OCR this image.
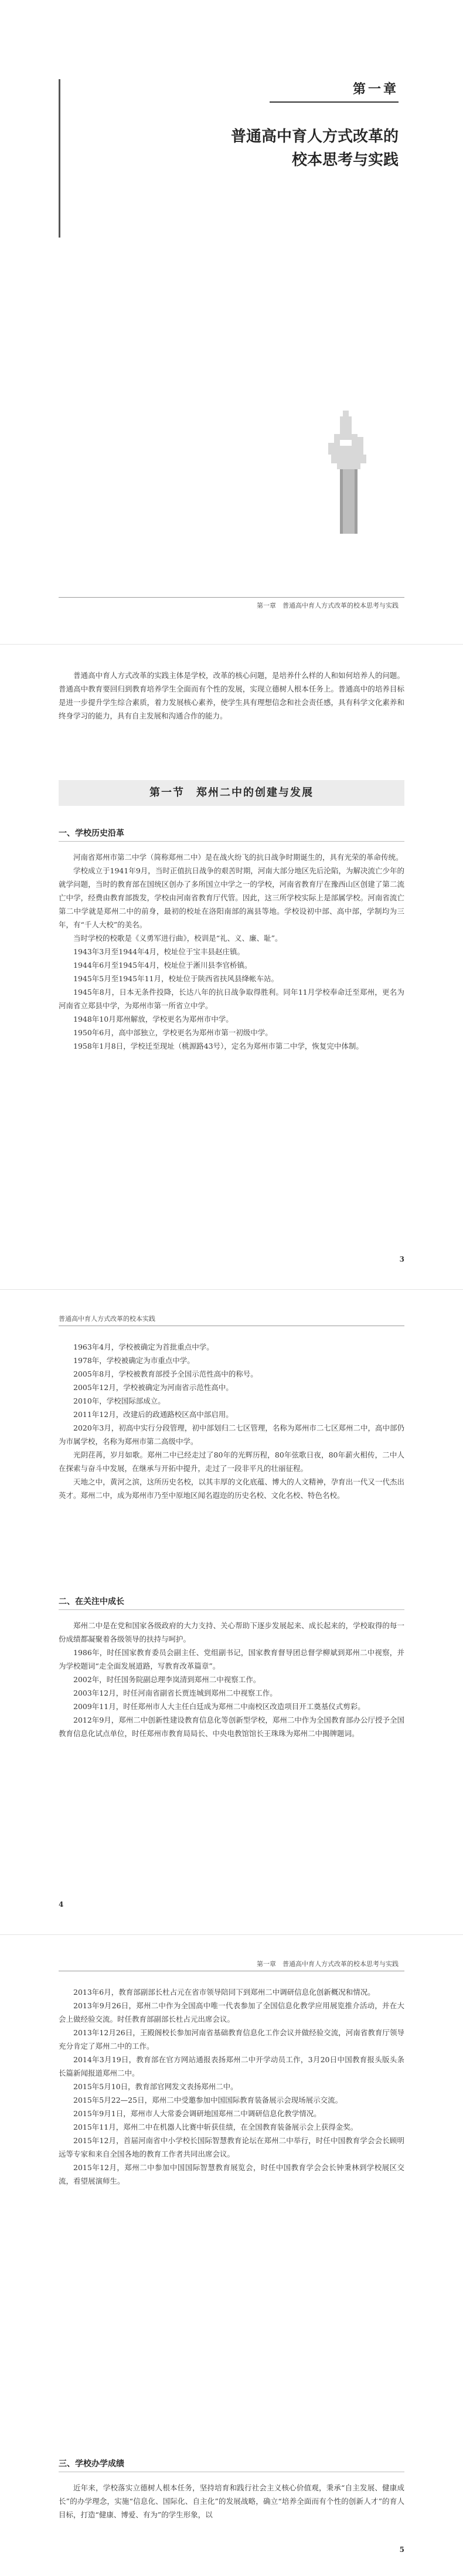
第一章
普通高中育人方式改革的
校本思考与实践
第一章　普通高中育人方式改革的校本思考与实践

普通高中育人方式改革的实践主体是学校，改革的核心问题，是培养什么样的人和如何培养人的问题。普通高中教育要回归到教育培养学生全面而有个性的发展，实现立德树人根本任务上。普通高中的培养目标是进一步提升学生综合素质，着力发展核心素养，使学生具有理想信念和社会责任感，具有科学文化素养和终身学习的能力，具有自主发展和沟通合作的能力。

第一节　郑州二中的创建与发展
一、学校历史沿革

河南省郑州市第二中学（简称郑州二中）是在战火纷飞的抗日战争时期诞生的，具有光荣的革命传统。

学校成立于1941年9月，当时正值抗日战争的艰苦时期，河南大部分地区先后沦陷，为解决流亡少年的就学问题，当时的教育部在国统区创办了多所国立中学之一的学校，河南省教育厅在豫西山区创建了第二流亡中学，经费由教育部拨发，学校由河南省教育厅代管。因此，这三所学校实际上是部属学校。河南省流亡第二中学就是郑州二中的前身，最初的校址在洛阳南部的嵩县等地。学校设初中部、高中部，学制均为三年，有“千人大校”的美名。

当时学校的校歌是《义勇军进行曲》，校训是“礼、义、廉、耻”。

1943年3月至1944年4月，校址位于宝丰县赵庄镇。

1944年6月至1945年4月，校址位于淅川县李官桥镇。

1945年5月至1945年11月，校址位于陕西省扶风县绛帐车站。

1945年8月，日本无条件投降，长达八年的抗日战争取得胜利。同年11月学校奉命迁至郑州，更名为河南省立郑县中学，为郑州市第一所省立中学。

1948年10月郑州解放，学校更名为郑州市中学。

1950年6月，高中部独立，学校更名为郑州市第一初级中学。

1958年1月8日，学校迁至现址（桃源路43号），定名为郑州市第二中学，恢复完中体制。

3
普通高中育人方式改革的校本实践

1963年4月，学校被确定为首批重点中学。

1978年，学校被确定为市重点中学。

2005年8月，学校被教育部授予全国示范性高中的称号。

2005年12月，学校被确定为河南省示范性高中。

2010年，学校国际部成立。

2011年12月，改建后的政通路校区高中部启用。

2020年3月，初高中实行分段管理，初中部划归二七区管理，名称为郑州市二七区郑州二中，高中部仍为市属学校，名称为郑州市第二高级中学。

光阴荏苒，岁月如歌。郑州二中已经走过了80年的光辉历程，80年弦歌日夜，80年薪火相传，二中人在探索与奋斗中发展，在继承与开拓中提升，走过了一段非平凡的壮丽征程。

天地之中，黄河之滨，这所历史名校，以其丰厚的文化底蕴、博大的人文精神，孕育出一代又一代杰出英才。郑州二中，成为郑州市乃至中原地区闻名遐迩的历史名校、文化名校、特色名校。

二、在关注中成长

郑州二中是在党和国家各级政府的大力支持、关心帮助下逐步发展起来、成长起来的，学校取得的每一份成绩都凝聚着各级领导的扶持与呵护。

1986年，时任国家教育委员会副主任、党组副书记，国家教育督导团总督学柳斌到郑州二中视察，并为学校题词“走全面发展道路，写教育改革篇章”。

2002年，时任国务院副总理李岚清到郑州二中视察工作。

2003年12月，时任河南省副省长贾连城到郑州二中视察工作。

2009年11月，时任郑州市人大主任白廷成为郑州二中南校区改造项目开工奠基仪式剪彩。

2012年9月，郑州二中创新性建设教育信息化等创新型学校，郑州二中作为全国教育部办公厅授予全国教育信息化试点单位，时任郑州市教育局局长、中央电教馆馆长王珠珠为郑州二中揭牌题词。

4
第一章　普通高中育人方式改革的校本思考与实践

2013年6月，教育部副部长杜占元在省市领导陪同下到郑州二中调研信息化创新概况和情况。

2013年9月26日，郑州二中作为全国高中唯一代表参加了全国信息化教学应用展览推介活动，并在大会上做经验交流。时任教育部副部长杜占元出席会议。

2013年12月26日，王殿阁校长参加河南省基础教育信息化工作会议并做经验交流，河南省教育厅领导充分肯定了郑州二中的工作。

2014年3月19日，教育部在官方网站通报表扬郑州二中开学动员工作，3月20日中国教育报头版头条长篇新闻报道郑州二中。

2015年5月10日，教育部官网发文表扬郑州二中。

2015年5月22—25日，郑州二中受邀参加中国国际教育装备展示会现场展示交流。

2015年9月1日，郑州市人大常委会调研地国郑州二中调研信息化教学情况。

2015年11月，郑州二中在机器人比赛中斩获佳绩，在全国教育装备展示会上获得金奖。

2015年12月，首届河南省中小学校长国际智慧教育论坛在郑州二中举行，时任中国教育学会会长顾明远等专家和来自全国各地的教育工作者共同出席会议。

2015年12月，郑州二中参加中国国际智慧教育展览会，时任中国教育学会会长钟秉林到学校展区交流，看望展演师生。

三、学校办学成绩

近年来，学校落实立德树人根本任务，坚持培育和践行社会主义核心价值观，秉承“自主发展、健康成长”的办学理念，实施“信息化、国际化、自主化”的发展战略，确立“培养全面而有个性的创新人才”的育人目标，打造“健康、博爱、有为”的学生形象，以

5
